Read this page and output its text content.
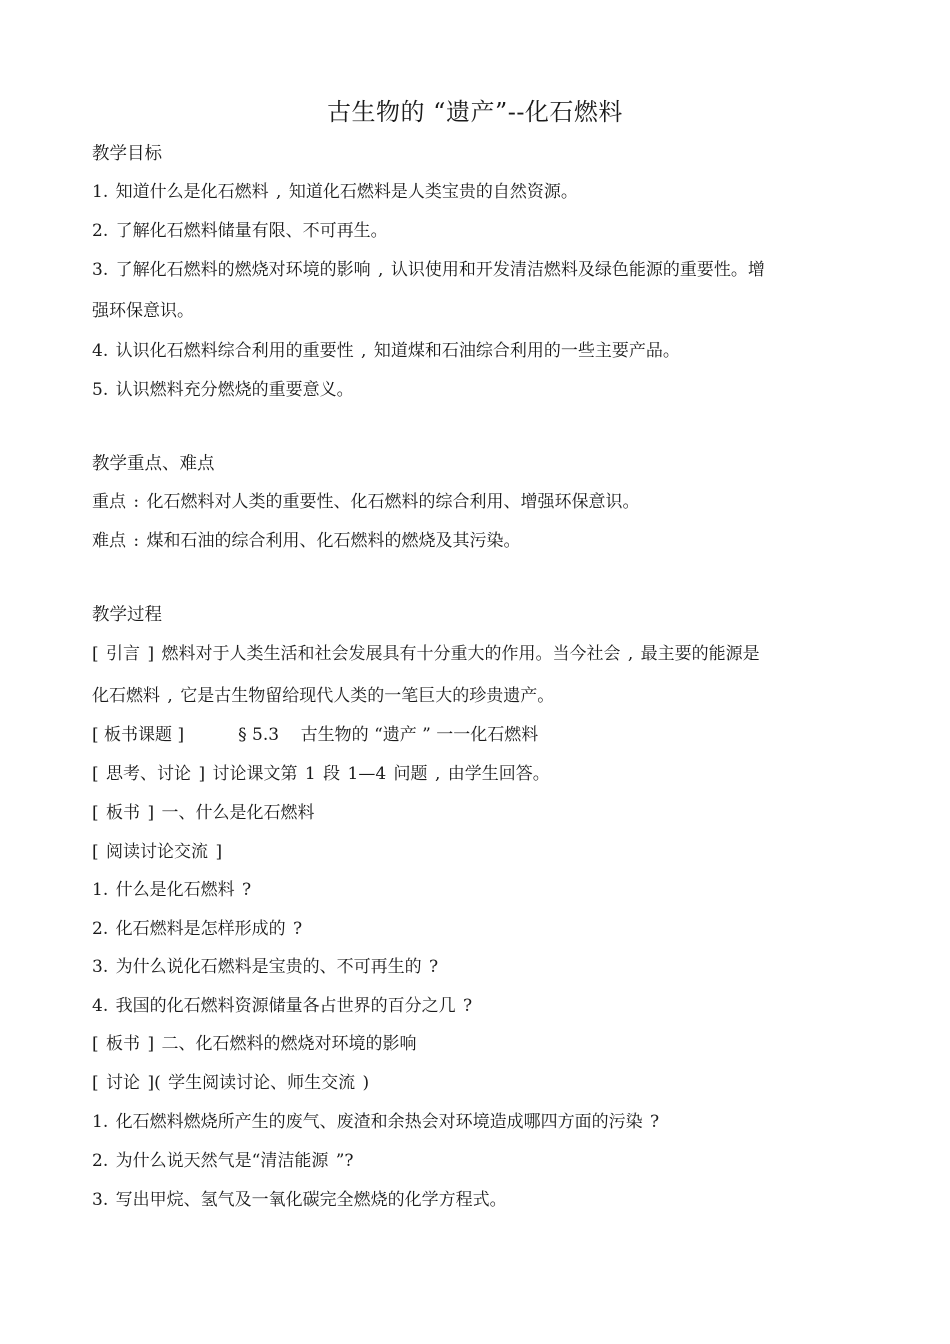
古生物的 “遗产”--化石燃料
教学目标
1. 知道什么是化石燃料 , 知道化石燃料是人类宝贵的自然资源。
2. 了解化石燃料储量有限、不可再生。
3. 了解化石燃料的燃烧对环境的影响 , 认识使用和开发清洁燃料及绿色能源的重要性。增
强环保意识。
4. 认识化石燃料综合利用的重要性 , 知道煤和石油综合利用的一些主要产品。
5. 认识燃料充分燃烧的重要意义。
教学重点、难点
重点 : 化石燃料对人类的重要性、化石燃料的综合利用、增强环保意识。
难点 : 煤和石油的综合利用、化石燃料的燃烧及其污染。
教学过程
[ 引言 ] 燃料对于人类生活和社会发展具有十分重大的作用。当今社会 , 最主要的能源是
化石燃料 , 它是古生物留给现代人类的一笔巨大的珍贵遗产。
[ 板书课题 ]          § 5.3    古生物的 “遗产 ” 一一化石燃料
[ 思考、讨论 ] 讨论课文第 1 段 1—4 问题 , 由学生回答。
[ 板书 ] 一、什么是化石燃料
[ 阅读讨论交流 ]
1. 什么是化石燃料 ?
2. 化石燃料是怎样形成的 ?
3. 为什么说化石燃料是宝贵的、不可再生的 ?
4. 我国的化石燃料资源储量各占世界的百分之几 ?
[ 板书 ] 二、化石燃料的燃烧对环境的影响
[ 讨论 ]( 学生阅读讨论、师生交流 )
1. 化石燃料燃烧所产生的废气、废渣和余热会对环境造成哪四方面的污染 ?
2. 为什么说天然气是“清洁能源 ”?
3. 写出甲烷、氢气及一氧化碳完全燃烧的化学方程式。
